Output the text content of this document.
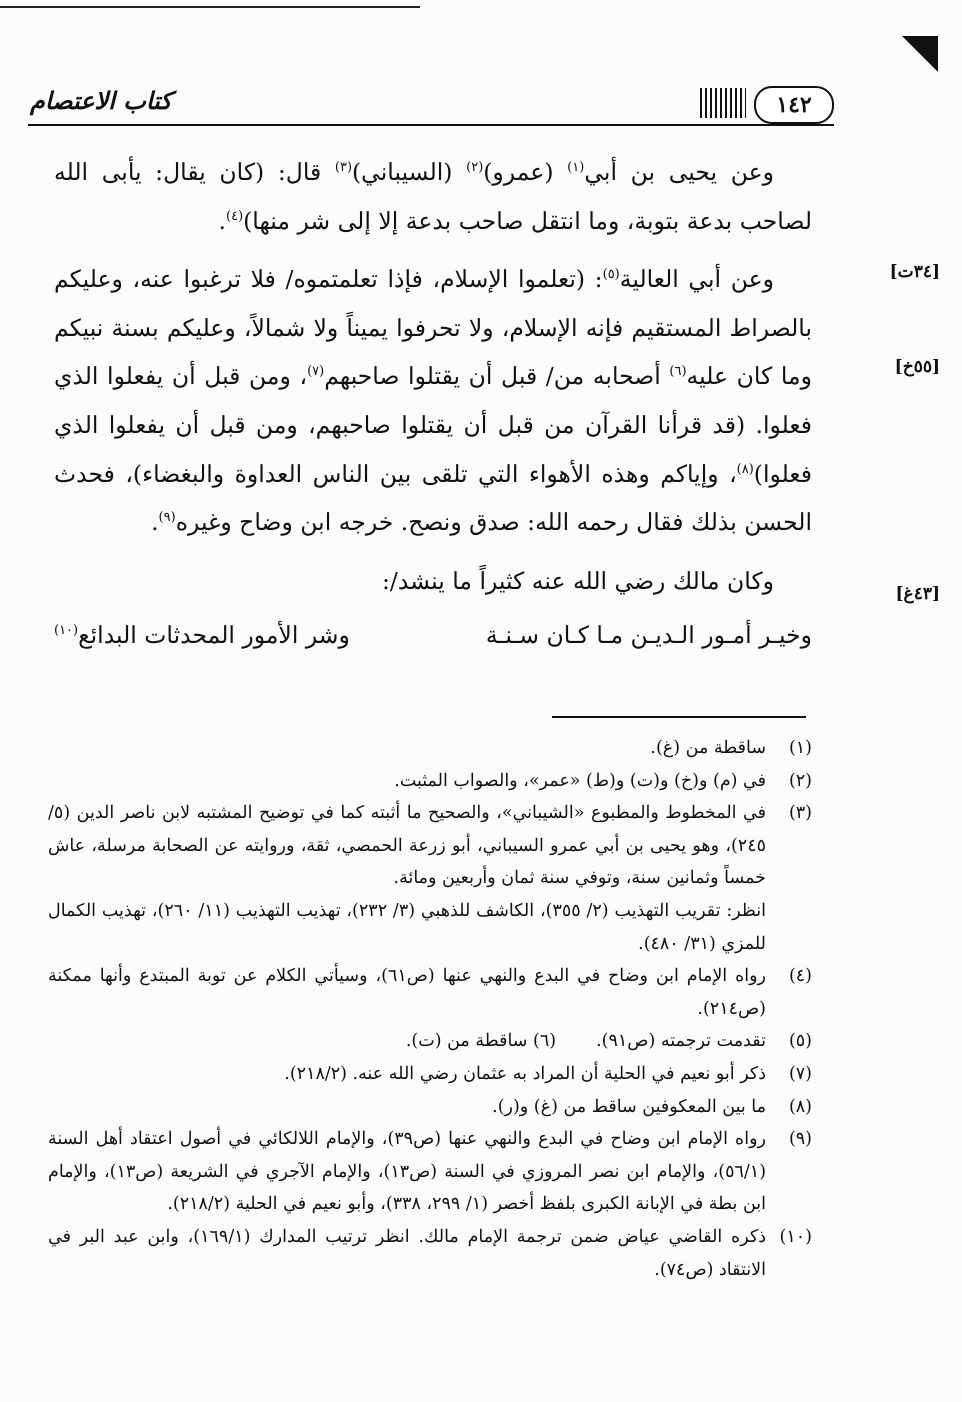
كتاب الاعتصام	١٤٢
[٣٤ت]
[٥٥خ]
[٤٣غ]

وعن يحيى بن أبي$^{(١)}$ (عمرو)$^{(٢)}$ (السيباني)$^{(٣)}$ قال: (كان يقال: يأبى الله لصاحب بدعة بتوبة، وما انتقل صاحب بدعة إلا إلى شر منها)$^{(٤)}$.

وعن أبي العالية$^{(٥)}$: (تعلموا الإسلام، فإذا تعلمتموه/ فلا ترغبوا عنه، وعليكم بالصراط المستقيم فإنه الإسلام، ولا تحرفوا يميناً ولا شمالاً، وعليكم بسنة نبيكم وما كان عليه$^{(٦)}$ أصحابه من/ قبل أن يقتلوا صاحبهم$^{(٧)}$، ومن قبل أن يفعلوا الذي فعلوا. (قد قرأنا القرآن من قبل أن يقتلوا صاحبهم، ومن قبل أن يفعلوا الذي فعلوا)$^{(٨)}$، وإياكم وهذه الأهواء التي تلقى بين الناس العداوة والبغضاء)، فحدث الحسن بذلك فقال رحمه الله: صدق ونصح. خرجه ابن وضاح وغيره$^{(٩)}$.

وكان مالك رضي الله عنه كثيراً ما ينشد/:

وخيـر أمـور الـديـن مـا كـان سـنـة
وشر الأمور المحدثات البدائع$^{(١٠)}$
(١)
ساقطة من (غ).
(٢)
في (م) و(خ) و(ت) و(ط) «عمر»، والصواب المثبت.
(٣)
في المخطوط والمطبوع «الشيباني»، والصحيح ما أثبته كما في توضيح المشتبه لابن ناصر الدين (٥/ ٢٤٥)، وهو يحيى بن أبي عمرو السيباني، أبو زرعة الحمصي، ثقة، وروايته عن الصحابة مرسلة، عاش خمساً وثمانين سنة، وتوفي سنة ثمان وأربعين ومائة.
انظر: تقريب التهذيب (٢/ ٣٥٥)، الكاشف للذهبي (٣/ ٢٣٢)، تهذيب التهذيب (١١/ ٢٦٠)، تهذيب الكمال للمزي (٣١/ ٤٨٠).
(٤)
رواه الإمام ابن وضاح في البدع والنهي عنها (ص٦١)، وسيأتي الكلام عن توبة المبتدع وأنها ممكنة (ص٢١٤).
(٥)
تقدمت ترجمته (ص٩١).
(٦) ساقطة من (ت).
(٧)
ذكر أبو نعيم في الحلية أن المراد به عثمان رضي الله عنه. (٢١٨/٢).
(٨)
ما بين المعكوفين ساقط من (غ) و(ر).
(٩)
رواه الإمام ابن وضاح في البدع والنهي عنها (ص٣٩)، والإمام اللالكائي في أصول اعتقاد أهل السنة (٥٦/١)، والإمام ابن نصر المروزي في السنة (ص١٣)، والإمام الآجري في الشريعة (ص١٣)، والإمام ابن بطة في الإبانة الكبرى بلفظ أخصر (١/ ٢٩٩، ٣٣٨)، وأبو نعيم في الحلية (٢١٨/٢).
(١٠)
ذكره القاضي عياض ضمن ترجمة الإمام مالك. انظر ترتيب المدارك (١٦٩/١)، وابن عبد البر في الانتقاد (ص٧٤).
